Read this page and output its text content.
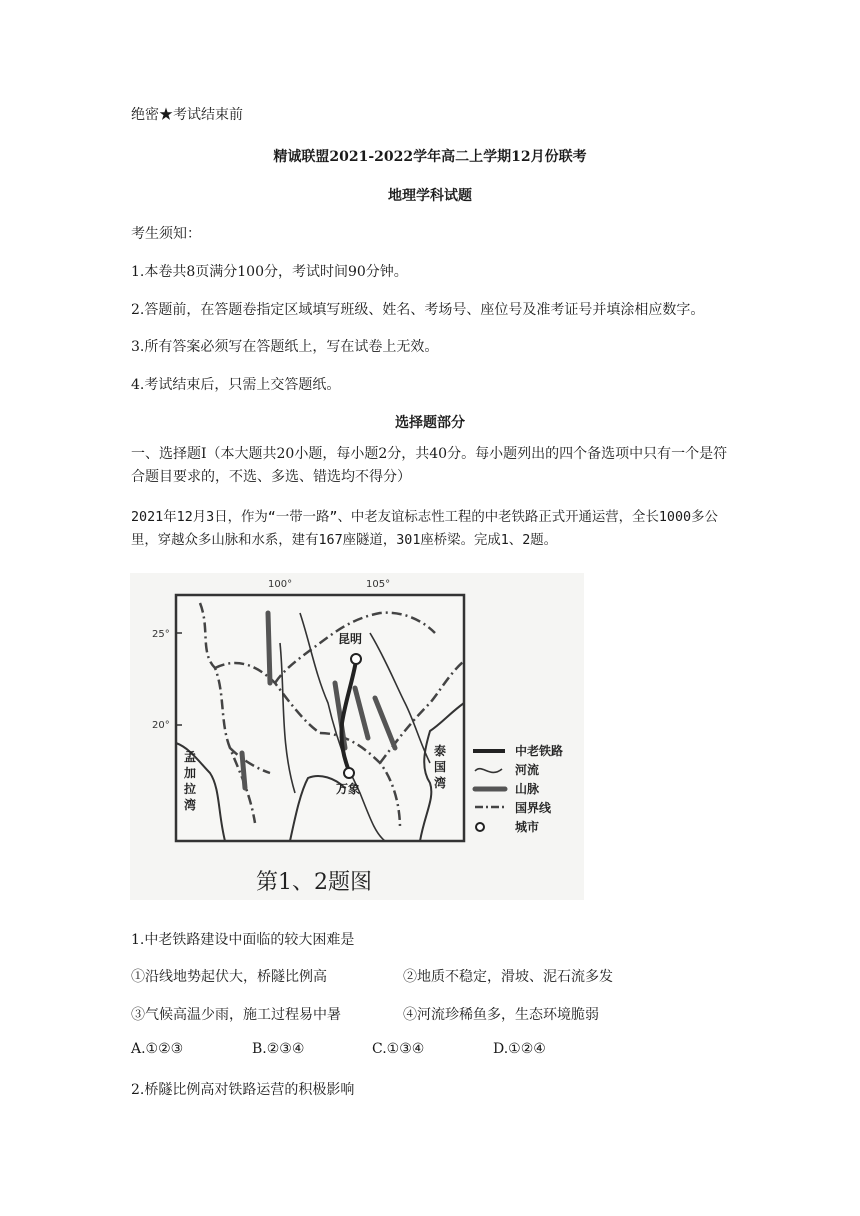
绝密★考试结束前
精诚联盟2021-2022学年高二上学期12月份联考
地理学科试题
考生须知：
1.本卷共8页满分100分，考试时间90分钟。
2.答题前，在答题卷指定区域填写班级、姓名、考场号、座位号及准考证号并填涂相应数字。
3.所有答案必须写在答题纸上，写在试卷上无效。
4.考试结束后，只需上交答题纸。
选择题部分
一、选择题Ⅰ（本大题共20小题，每小题2分，共40分。每小题列出的四个备选项中只有一个是符合题目要求的，不选、多选、错选均不得分）
2021年12月3日，作为“一带一路”、中老友谊标志性工程的中老铁路正式开通运营，全长1000多公里，穿越众多山脉和水系，建有167座隧道，301座桥梁。完成1、2题。
100°	105°
25°
20°
昆明
万象
孟加拉湾
泰国湾
中老铁路
河流
山脉
国界线
城市
第1、2题图
1.中老铁路建设中面临的较大困难是
①沿线地势起伏大，桥隧比例高	②地质不稳定，滑坡、泥石流多发
③气候高温少雨，施工过程易中暑	④河流珍稀鱼多，生态环境脆弱
A.①②③	B.②③④	C.①③④	D.①②④
2.桥隧比例高对铁路运营的积极影响
